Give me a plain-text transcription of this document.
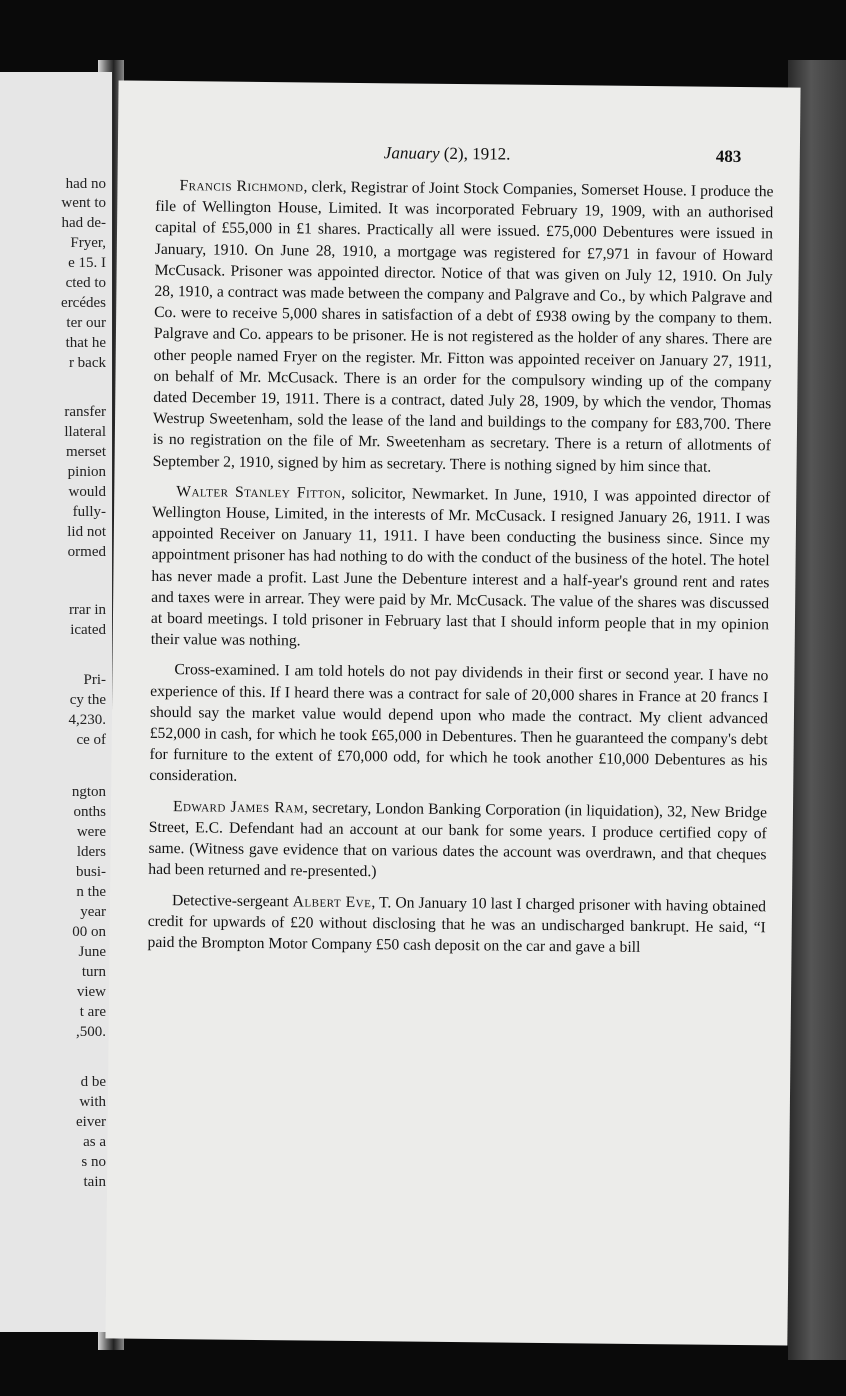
had no
went to
had de-
Fryer,
e 15. I
cted to
ercédes
ter our
that he
r back
ransfer
llateral
merset
pinion
would
fully-
lid not
ormed
rrar in
icated
Pri-
cy the
4,230.
ce of
ngton
onths
were
lders
busi-
n the
year
00 on
June
turn
view
t are
,500.
d be
with
eiver
as a
s no
tain
January (2), 1912.	483

Francis Richmond, clerk, Registrar of Joint Stock Companies, Somerset House. I produce the file of Wellington House, Limited. It was incorporated February 19, 1909, with an authorised capital of £55,000 in £1 shares. Practically all were issued. £75,000 Debentures were issued in January, 1910. On June 28, 1910, a mortgage was registered for £7,971 in favour of Howard McCusack. Prisoner was appointed director. Notice of that was given on July 12, 1910. On July 28, 1910, a contract was made between the company and Palgrave and Co., by which Palgrave and Co. were to receive 5,000 shares in satisfaction of a debt of £938 owing by the company to them. Palgrave and Co. appears to be prisoner. He is not registered as the holder of any shares. There are other people named Fryer on the register. Mr. Fitton was appointed receiver on January 27, 1911, on behalf of Mr. McCusack. There is an order for the compulsory winding up of the company dated December 19, 1911. There is a contract, dated July 28, 1909, by which the vendor, Thomas Westrup Sweetenham, sold the lease of the land and buildings to the company for £83,700. There is no registration on the file of Mr. Sweetenham as secretary. There is a return of allotments of September 2, 1910, signed by him as secretary. There is nothing signed by him since that.

Walter Stanley Fitton, solicitor, Newmarket. In June, 1910, I was appointed director of Wellington House, Limited, in the interests of Mr. McCusack. I resigned January 26, 1911. I was appointed Receiver on January 11, 1911. I have been conducting the business since. Since my appointment prisoner has had nothing to do with the conduct of the business of the hotel. The hotel has never made a profit. Last June the Debenture interest and a half-year's ground rent and rates and taxes were in arrear. They were paid by Mr. McCusack. The value of the shares was discussed at board meetings. I told prisoner in February last that I should inform people that in my opinion their value was nothing.

Cross-examined. I am told hotels do not pay dividends in their first or second year. I have no experience of this. If I heard there was a contract for sale of 20,000 shares in France at 20 francs I should say the market value would depend upon who made the contract. My client advanced £52,000 in cash, for which he took £65,000 in Debentures. Then he guaranteed the company's debt for furniture to the extent of £70,000 odd, for which he took another £10,000 Debentures as his consideration.

Edward James Ram, secretary, London Banking Corporation (in liquidation), 32, New Bridge Street, E.C. Defendant had an account at our bank for some years. I produce certified copy of same. (Witness gave evidence that on various dates the account was overdrawn, and that cheques had been returned and re-presented.)

Detective-sergeant Albert Eve, T. On January 10 last I charged prisoner with having obtained credit for upwards of £20 without disclosing that he was an undischarged bankrupt. He said, “I paid the Brompton Motor Company £50 cash deposit on the car and gave a bill
